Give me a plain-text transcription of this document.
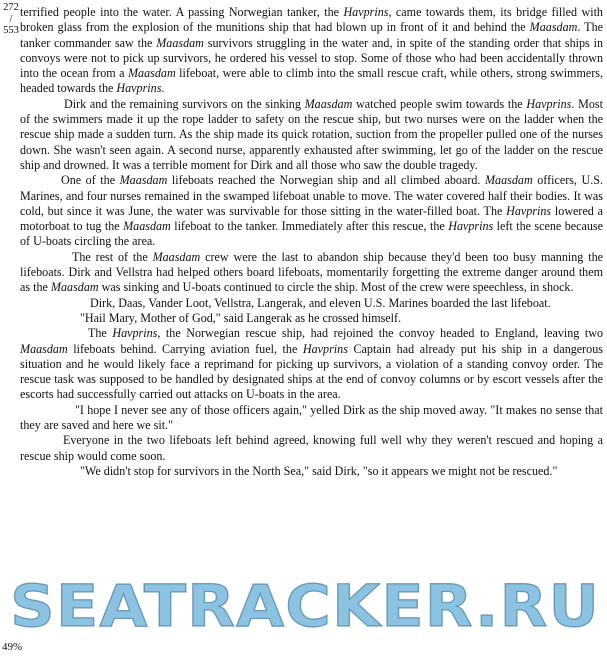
272
/
553

terrified people into the water. A passing Norwegian tanker, the Havprins, came towards them, its bridge filled with broken glass from the explosion of the munitions ship that had blown up in front of it and behind the Maasdam. The tanker commander saw the Maasdam survivors struggling in the water and, in spite of the standing order that ships in convoys were not to pick up survivors, he ordered his vessel to stop. Some of those who had been accidentally thrown into the ocean from a Maasdam lifeboat, were able to climb into the small rescue craft, while others, strong swimmers, headed towards the Havprins.

Dirk and the remaining survivors on the sinking Maasdam watched people swim towards the Havprins. Most of the swimmers made it up the rope ladder to safety on the rescue ship, but two nurses were on the ladder when the rescue ship made a sudden turn. As the ship made its quick rotation, suction from the propeller pulled one of the nurses down. She wasn't seen again. A second nurse, apparently exhausted after swimming, let go of the ladder on the rescue ship and drowned. It was a terrible moment for Dirk and all those who saw the double tragedy.

One of the Maasdam lifeboats reached the Norwegian ship and all climbed aboard. Maasdam officers, U.S. Marines, and four nurses remained in the swamped lifeboat unable to move. The water covered half their bodies. It was cold, but since it was June, the water was survivable for those sitting in the water-filled boat. The Havprins lowered a motorboat to tug the Maasdam lifeboat to the tanker. Immediately after this rescue, the Havprins left the scene because of U-boats circling the area.

The rest of the Maasdam crew were the last to abandon ship because they'd been too busy manning the lifeboats. Dirk and Vellstra had helped others board lifeboats, momentarily forgetting the extreme danger around them as the Maasdam was sinking and U-boats continued to circle the ship. Most of the crew were speechless, in shock.

Dirk, Daas, Vander Loot, Vellstra, Langerak, and eleven U.S. Marines boarded the last lifeboat.

"Hail Mary, Mother of God," said Langerak as he crossed himself.

The Havprins, the Norwegian rescue ship, had rejoined the convoy headed to England, leaving two Maasdam lifeboats behind. Carrying aviation fuel, the Havprins Captain had already put his ship in a dangerous situation and he would likely face a reprimand for picking up survivors, a violation of a standing convoy order. The rescue task was supposed to be handled by designated ships at the end of convoy columns or by escort vessels after the escorts had successfully carried out attacks on U-boats in the area.

"I hope I never see any of those officers again," yelled Dirk as the ship moved away. "It makes no sense that they are saved and here we sit."

Everyone in the two lifeboats left behind agreed, knowing full well why they weren't rescued and hoping a rescue ship would come soon.

"We didn't stop for survivors in the North Sea," said Dirk, "so it appears we might not be rescued."

SEATRACKER.RU
49%
